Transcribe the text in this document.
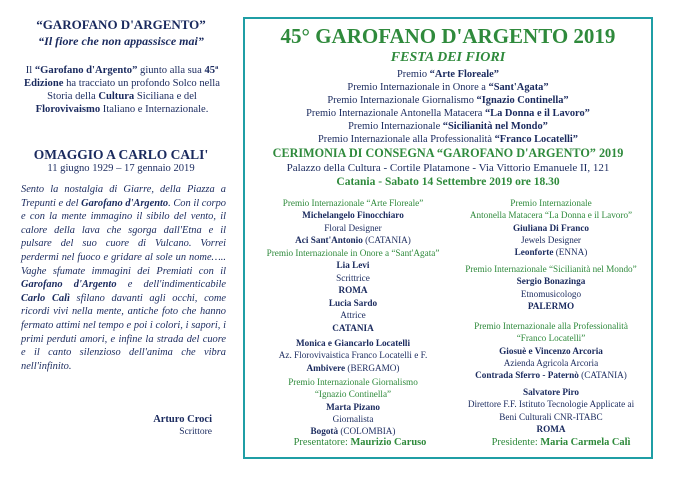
“GAROFANO D'ARGENTO”
“Il fiore che non appassisce mai”
Il “Garofano d'Argento” giunto alla sua 45ª Edizione ha tracciato un profondo Solco nella Storia della Cultura Siciliana e del Florovivaismo Italiano e Internazionale.
OMAGGIO A CARLO CALI'
11 giugno 1929 – 17 gennaio 2019
Sento la nostalgia di Giarre, della Piazza a Trepunti e del Garofano d'Argento. Con il corpo e con la mente immagino il sibilo del vento, il calore della lava che sgorga dall'Etna e il pulsare del suo cuore di Vulcano. Vorrei perdermi nel fuoco e gridare al sole un nome….. Vaghe sfumate immagini dei Premiati con il Garofano d'Argento e dell'indimenticabile Carlo Calì sfilano davanti agli occhi, come ricordi vivi nella mente, antiche foto che hanno fermato attimi nel tempo e poi i colori, i sapori, i primi perduti amori, e infine la strada del cuore e il canto silenzioso dell'anima che vibra nell'infinito.
Arturo Croci
Scrittore
45° GAROFANO D'ARGENTO 2019
FESTA DEI FIORI
Premio “Arte Floreale”
Premio Internazionale in Onore a “Sant'Agata”
Premio Internazionale Giornalismo “Ignazio Continella”
Premio Internazionale Antonella Matacera “La Donna e il Lavoro”
Premio Internazionale “Sicilianità nel Mondo”
Premio Internazionale alla Professionalità “Franco Locatelli”
CERIMONIA DI CONSEGNA “GAROFANO D'ARGENTO” 2019
Palazzo della Cultura - Cortile Platamone - Via Vittorio Emanuele II, 121
Catania - Sabato 14 Settembre 2019 ore 18.30
Premio Internazionale “Arte Floreale”
Michelangelo Finocchiaro
Floral Designer
Aci Sant'Antonio (CATANIA)
Premio Internazionale in Onore a “Sant'Agata”
Lia Levi
Scrittrice
ROMA
Lucia Sardo
Attrice
CATANIA
Monica e Giancarlo Locatelli
Az. Florovivaistica Franco Locatelli e F.
Ambivere (BERGAMO)
Premio Internazionale Giornalismo
“Ignazio Continella”
Marta Pizano
Giornalista
Bogotà (COLOMBIA)
Premio Internazionale
Antonella Matacera “La Donna e il Lavoro”
Giuliana Di Franco
Jewels Designer
Leonforte (ENNA)
Premio Internazionale “Sicilianità nel Mondo”
Sergio Bonazinga
Etnomusicologo
PALERMO
Premio Internazionale alla Professionalità
“Franco Locatelli”
Giosuè e Vincenzo Arcoria
Azienda Agricola Arcoria
Contrada Sferro - Paternò (CATANIA)
Salvatore Piro
Direttore F.F. Istituto Tecnologie Applicate ai
Beni Culturali CNR-ITABC
ROMA
Presentatore: Maurizio Caruso	Presidente: Maria Carmela Calì
